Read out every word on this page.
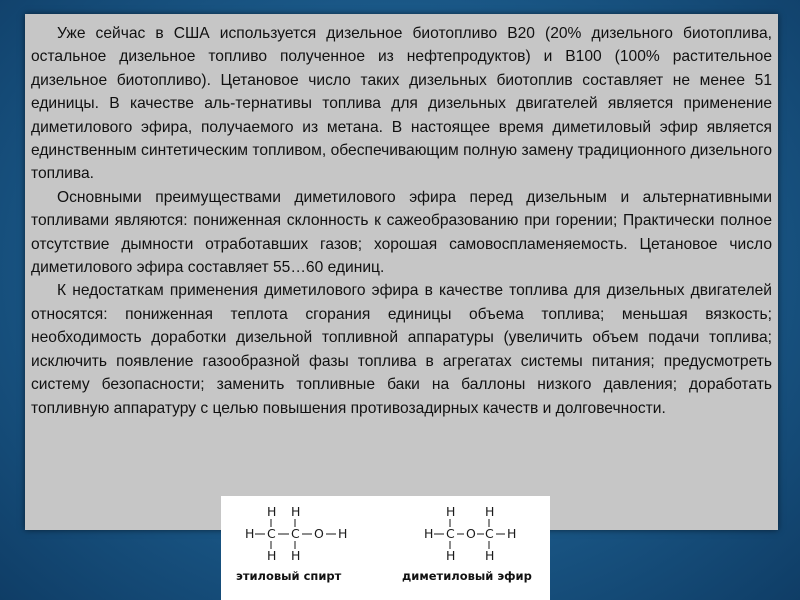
Уже сейчас в США используется дизельное биотопливо В20 (20% дизельного биотоплива, остальное дизельное топливо полученное из нефтепродуктов) и В100 (100% растительное дизельное биотопливо). Цетановое число таких дизельных биотоплив составляет не менее 51 единицы. В качестве аль-тернативы топлива для дизельных двигателей является применение диметилового эфира, получаемого из метана. В настоящее время диметиловый эфир является единственным синтетическим топливом, обеспечивающим полную замену традиционного дизельного топлива.

Основными преимуществами диметилового эфира перед дизельным и альтернативными топливами являются: пониженная склонность к сажеобразованию при горении; Практически полное отсутствие дымности отработавших газов; хорошая самовоспламеняемость. Цетановое число диметилового эфира составляет 55…60 единиц.

К недостаткам применения диметилового эфира в качестве топлива для дизельных двигателей относятся: пониженная теплота сгорания единицы объема топлива; меньшая вязкость; необходимость доработки дизельной топливной аппаратуры (увеличить объем подачи топлива; исключить появление газообразной фазы топлива в агрегатах системы питания; предусмотреть систему безопасности; заменить топливные баки на баллоны низкого давления; доработать топливную аппаратуру с целью повышения противозадирных качеств и долговечности.

H H
H C C O H
H H
H H
H C O C H
H H
этиловый спирт	диметиловый эфир
